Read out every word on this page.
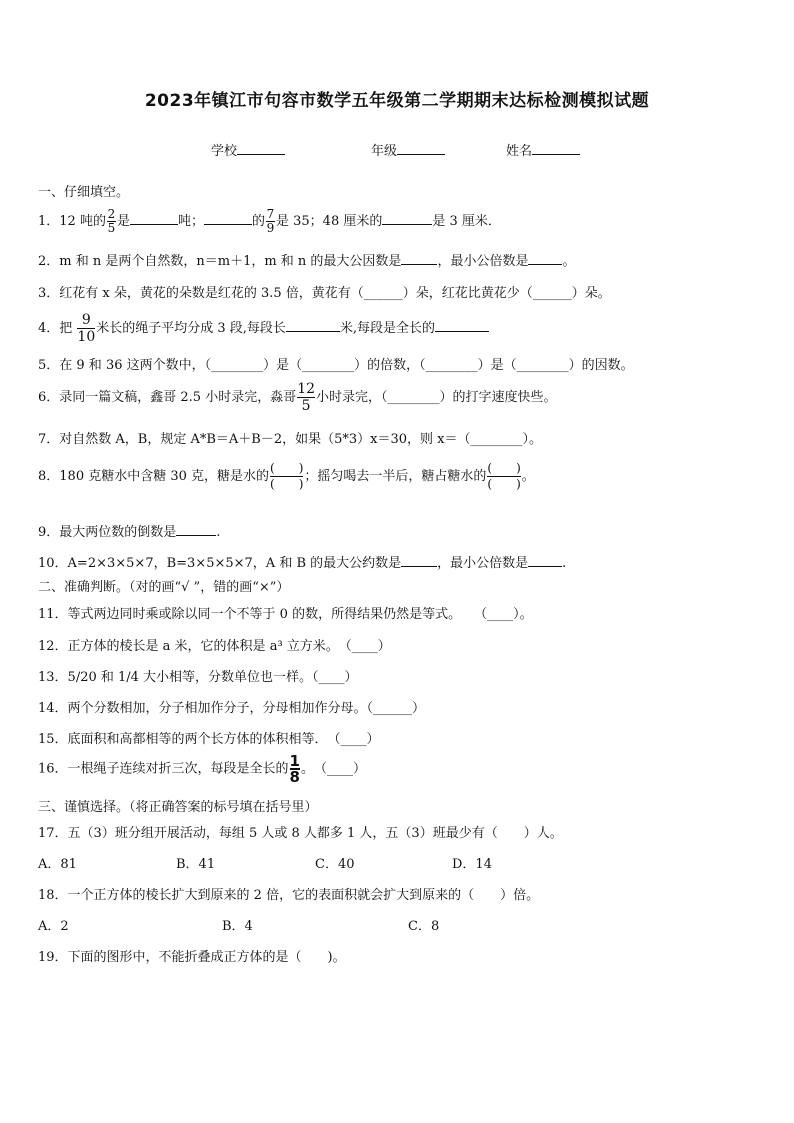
2023年镇江市句容市数学五年级第二学期期末达标检测模拟试题
学校	年级	姓名
一、仔细填空。
1．12 吨的 $\frac{2}{5}$ 是	吨；	的 $\frac{7}{9}$ 是 35；48 厘米的	是 3 厘米．
2．m 和 n 是两个自然数，n＝m＋1，m 和 n 的最大公因数是	，最小公倍数是	。
3．红花有 x 朵，黄花的朵数是红花的 3.5 倍，黄花有（______）朵，红花比黄花少（______）朵。
4．把 $\frac{9}{10}$ 米长的绳子平均分成 3 段,每段长	米,每段是全长的
5．在 9 和 36 这两个数中，（________）是（________）的倍数，（________）是（________）的因数。
6．录同一篇文稿，鑫哥 2.5 小时录完，淼哥 $\frac{12}{5}$ 小时录完，（________）的打字速度快些。
7．对自然数 A，B，规定 A*B＝A＋B－2，如果（5*3）x＝30，则 x＝（________）。
8．180 克糖水中含糖 30 克，糖是水的 $\frac{( )}{( )}$ ；摇匀喝去一半后，糖占糖水的 $\frac{( )}{( )}$ 。
9．最大两位数的倒数是	.
10．A=2×3×5×7，B=3×5×5×7，A 和 B 的最大公约数是	，最小公倍数是	.
二、准确判断。（对的画“√ ”，错的画“×”）
11．等式两边同时乘或除以同一个不等于 0 的数，所得结果仍然是等式。　　（____）。
12．正方体的棱长是 a 米，它的体积是 a³ 立方米。　（____）
13．5/20 和 1/4 大小相等，分数单位也一样。（____）
14．两个分数相加，分子相加作分子，分母相加作分母。（______）
15．底面积和高都相等的两个长方体的体积相等．　（____）
16．一根绳子连续对折三次，每段是全长的 $\frac{1}{8}$ 。　（____）
三、谨慎选择。（将正确答案的标号填在括号里）
17．五（3）班分组开展活动，每组 5 人或 8 人都多 1 人，五（3）班最少有（　　）人。
A．81	B．41	C．40	D．14
18．一个正方体的棱长扩大到原来的 2 倍，它的表面积就会扩大到原来的（　　）倍。
A．2	B．4	C．8
19．下面的图形中，不能折叠成正方体的是（　　)。
